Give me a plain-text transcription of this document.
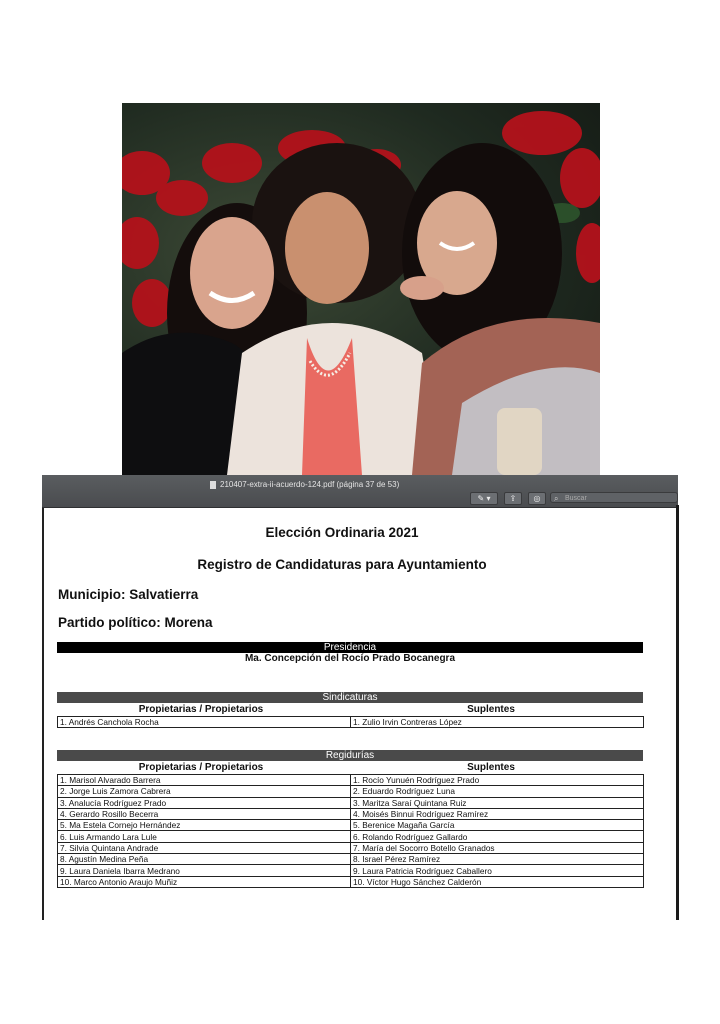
210407-extra-ii-acuerdo-124.pdf (página 37 de 53)
✎ ▾	⇪	◎	⌕ Buscar
Elección Ordinaria 2021
Registro de Candidaturas para Ayuntamiento
Municipio: Salvatierra
Partido político: Morena
Presidencia
Ma. Concepción del Rocío Prado Bocanegra
Sindicaturas
Propietarias / Propietarios	Suplentes
1. Andrés Canchola Rocha	1. Zulio Irvin Contreras López
Regidurías
Propietarias / Propietarios	Suplentes
1. Marisol Alvarado Barrera	1. Rocío Yunuén Rodríguez Prado
2. Jorge Luis Zamora Cabrera	2. Eduardo Rodríguez Luna
3. Analucía Rodríguez Prado	3. Maritza Saraí Quintana Ruiz
4. Gerardo Rosillo Becerra	4. Moisés Binnui Rodríguez Ramírez
5. Ma Estela Cornejo Hernández	5. Berenice Magaña García
6. Luis Armando Lara Lule	6. Rolando Rodríguez Gallardo
7. Silvia Quintana Andrade	7. María del Socorro Botello Granados
8. Agustín Medina Peña	8. Israel Pérez Ramírez
9. Laura Daniela Ibarra Medrano	9. Laura Patricia Rodríguez Caballero
10. Marco Antonio Araujo Muñiz	10. Víctor Hugo Sánchez Calderón
